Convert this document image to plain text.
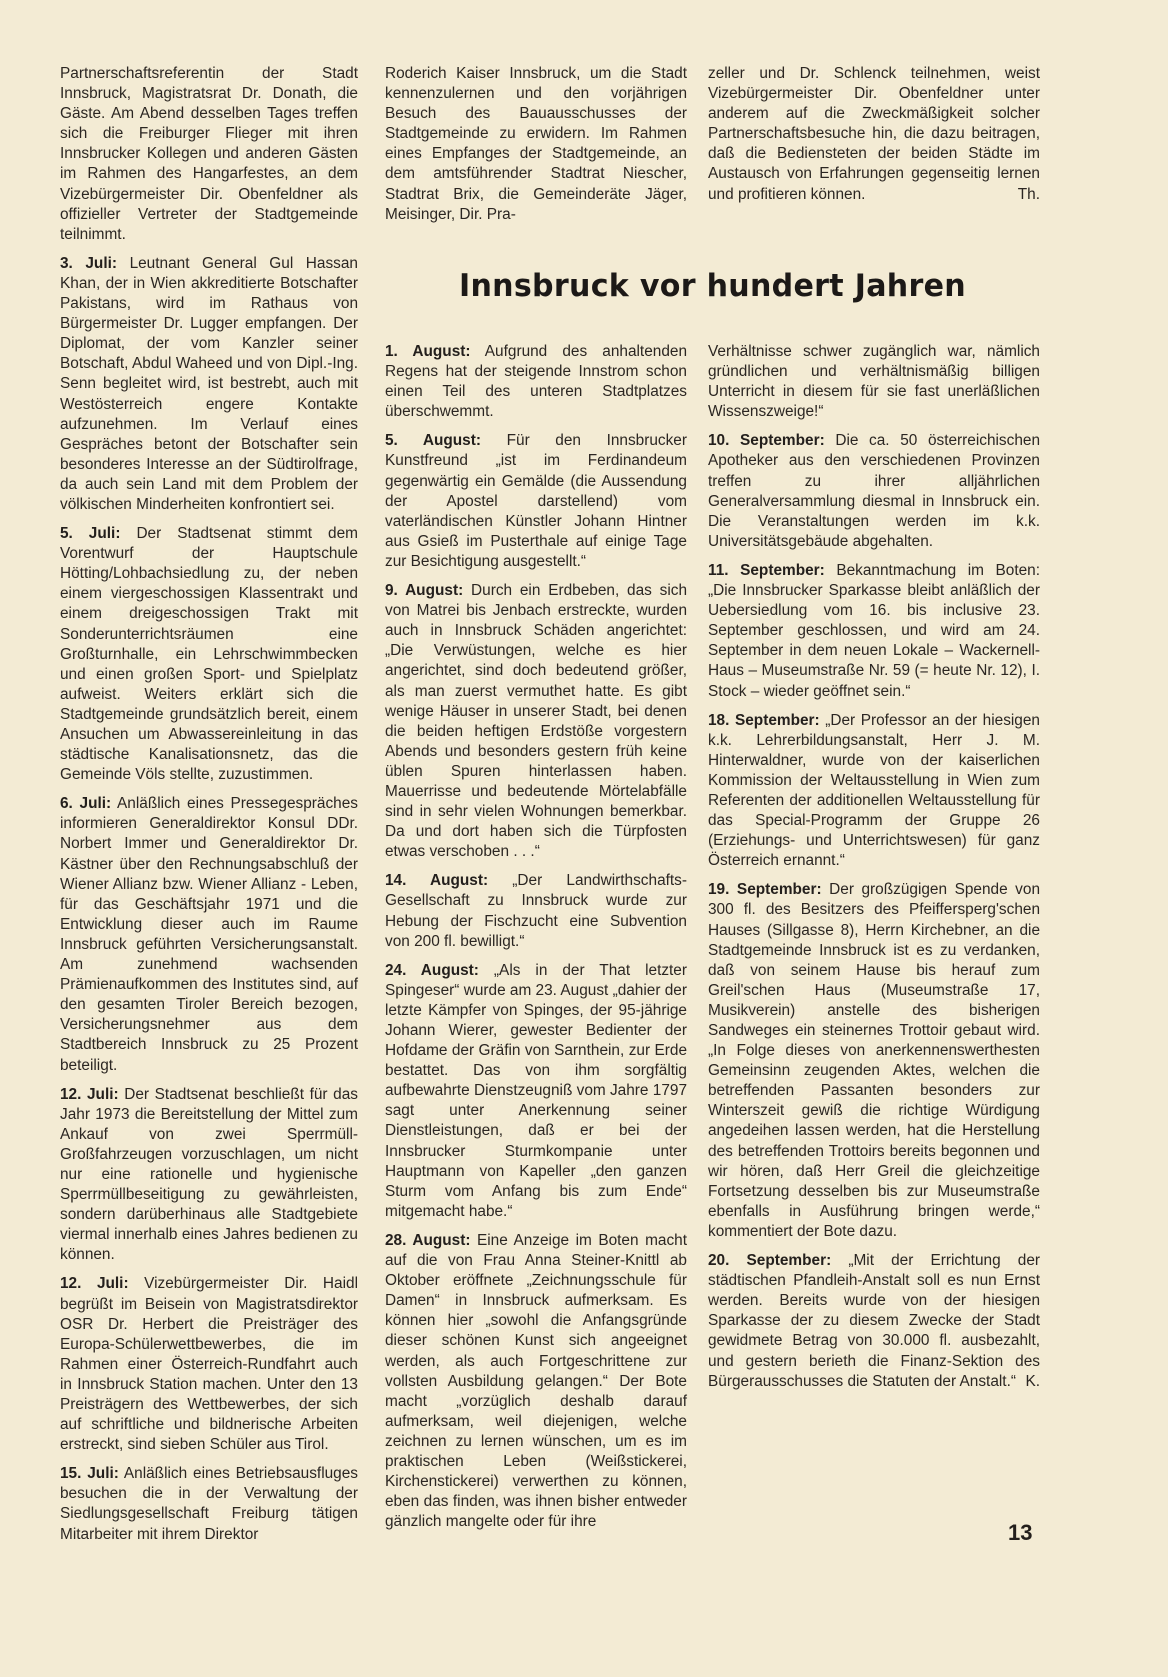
Partnerschaftsreferentin der Stadt Innsbruck, Magistratsrat Dr. Donath, die Gäste. Am Abend desselben Tages treffen sich die Freiburger Flieger mit ihren Innsbrucker Kollegen und anderen Gästen im Rahmen des Hangarfestes, an dem Vizebürgermeister Dir. Obenfeldner als offizieller Vertreter der Stadtgemeinde teilnimmt.

3. Juli: Leutnant General Gul Hassan Khan, der in Wien akkreditierte Botschafter Pakistans, wird im Rathaus von Bürgermeister Dr. Lugger empfangen. Der Diplomat, der vom Kanzler seiner Botschaft, Abdul Waheed und von Dipl.-Ing. Senn begleitet wird, ist bestrebt, auch mit Westösterreich engere Kontakte aufzunehmen. Im Verlauf eines Gespräches betont der Botschafter sein besonderes Interesse an der Südtirolfrage, da auch sein Land mit dem Problem der völkischen Minderheiten konfrontiert sei.

5. Juli: Der Stadtsenat stimmt dem Vorentwurf der Hauptschule Hötting/Lohbachsiedlung zu, der neben einem viergeschossigen Klassentrakt und einem dreigeschossigen Trakt mit Sonderunterrichtsräumen eine Großturnhalle, ein Lehrschwimmbecken und einen großen Sport- und Spielplatz aufweist. Weiters erklärt sich die Stadtgemeinde grundsätzlich bereit, einem Ansuchen um Abwassereinleitung in das städtische Kanalisationsnetz, das die Gemeinde Völs stellte, zuzustimmen.

6. Juli: Anläßlich eines Pressegespräches informieren Generaldirektor Konsul DDr. Norbert Immer und Generaldirektor Dr. Kästner über den Rechnungsabschluß der Wiener Allianz bzw. Wiener Allianz - Leben, für das Geschäftsjahr 1971 und die Entwicklung dieser auch im Raume Innsbruck geführten Versicherungsanstalt. Am zunehmend wachsenden Prämienaufkommen des Institutes sind, auf den gesamten Tiroler Bereich bezogen, Versicherungsnehmer aus dem Stadtbereich Innsbruck zu 25 Prozent beteiligt.

12. Juli: Der Stadtsenat beschließt für das Jahr 1973 die Bereitstellung der Mittel zum Ankauf von zwei Sperrmüll-Großfahrzeugen vorzuschlagen, um nicht nur eine rationelle und hygienische Sperrmüllbeseitigung zu gewährleisten, sondern darüberhinaus alle Stadtgebiete viermal innerhalb eines Jahres bedienen zu können.

12. Juli: Vizebürgermeister Dir. Haidl begrüßt im Beisein von Magistratsdirektor OSR Dr. Herbert die Preisträger des Europa-Schülerwettbewerbes, die im Rahmen einer Österreich-Rundfahrt auch in Innsbruck Station machen. Unter den 13 Preisträgern des Wettbewerbes, der sich auf schriftliche und bildnerische Arbeiten erstreckt, sind sieben Schüler aus Tirol.

15. Juli: Anläßlich eines Betriebsausfluges besuchen die in der Verwaltung der Siedlungsgesellschaft Freiburg tätigen Mitarbeiter mit ihrem Direktor

Roderich Kaiser Innsbruck, um die Stadt kennenzulernen und den vorjährigen Besuch des Bauausschusses der Stadtgemeinde zu erwidern. Im Rahmen eines Empfanges der Stadtgemeinde, an dem amtsführender Stadtrat Niescher, Stadtrat Brix, die Gemeinderäte Jäger, Meisinger, Dir. Pra-

zeller und Dr. Schlenck teilnehmen, weist Vizebürgermeister Dir. Obenfeldner unter anderem auf die Zweckmäßigkeit solcher Partnerschaftsbesuche hin, die dazu beitragen, daß die Bediensteten der beiden Städte im Austausch von Erfahrungen gegenseitig lernen und profitieren können.	Th.

Innsbruck vor hundert Jahren

1. August: Aufgrund des anhaltenden Regens hat der steigende Innstrom schon einen Teil des unteren Stadtplatzes überschwemmt.

5. August: Für den Innsbrucker Kunstfreund „ist im Ferdinandeum gegenwärtig ein Gemälde (die Aussendung der Apostel darstellend) vom vaterländischen Künstler Johann Hintner aus Gsieß im Pusterthale auf einige Tage zur Besichtigung ausgestellt.“

9. August: Durch ein Erdbeben, das sich von Matrei bis Jenbach erstreckte, wurden auch in Innsbruck Schäden angerichtet: „Die Verwüstungen, welche es hier angerichtet, sind doch bedeutend größer, als man zuerst vermuthet hatte. Es gibt wenige Häuser in unserer Stadt, bei denen die beiden heftigen Erdstöße vorgestern Abends und besonders gestern früh keine üblen Spuren hinterlassen haben. Mauerrisse und bedeutende Mörtelabfälle sind in sehr vielen Wohnungen bemerkbar. Da und dort haben sich die Türpfosten etwas verschoben . . .“

14. August: „Der Landwirthschafts-Gesellschaft zu Innsbruck wurde zur Hebung der Fischzucht eine Subvention von 200 fl. bewilligt.“

24. August: „Als in der That letzter Spingeser“ wurde am 23. August „dahier der letzte Kämpfer von Spinges, der 95-jährige Johann Wierer, gewester Bedienter der Hofdame der Gräfin von Sarnthein, zur Erde bestattet. Das von ihm sorgfältig aufbewahrte Dienstzeugniß vom Jahre 1797 sagt unter Anerkennung seiner Dienstleistungen, daß er bei der Innsbrucker Sturmkompanie unter Hauptmann von Kapeller „den ganzen Sturm vom Anfang bis zum Ende“ mitgemacht habe.“

28. August: Eine Anzeige im Boten macht auf die von Frau Anna Steiner-Knittl ab Oktober eröffnete „Zeichnungsschule für Damen“ in Innsbruck aufmerksam. Es können hier „sowohl die Anfangsgründe dieser schönen Kunst sich angeeignet werden, als auch Fortgeschrittene zur vollsten Ausbildung gelangen.“ Der Bote macht „vorzüglich deshalb darauf aufmerksam, weil diejenigen, welche zeichnen zu lernen wünschen, um es im praktischen Leben (Weißstickerei, Kirchenstickerei) verwerthen zu können, eben das finden, was ihnen bisher entweder gänzlich mangelte oder für ihre

Verhältnisse schwer zugänglich war, nämlich gründlichen und verhältnismäßig billigen Unterricht in diesem für sie fast unerläßlichen Wissenszweige!“

10. September: Die ca. 50 österreichischen Apotheker aus den verschiedenen Provinzen treffen zu ihrer alljährlichen Generalversammlung diesmal in Innsbruck ein. Die Veranstaltungen werden im k.k. Universitätsgebäude abgehalten.

11. September: Bekanntmachung im Boten: „Die Innsbrucker Sparkasse bleibt anläßlich der Uebersiedlung vom 16. bis inclusive 23. September geschlossen, und wird am 24. September in dem neuen Lokale – Wackernell-Haus – Museumstraße Nr. 59 (= heute Nr. 12), I. Stock – wieder geöffnet sein.“

18. September: „Der Professor an der hiesigen k.k. Lehrerbildungsanstalt, Herr J. M. Hinterwaldner, wurde von der kaiserlichen Kommission der Weltausstellung in Wien zum Referenten der additionellen Weltausstellung für das Special-Programm der Gruppe 26 (Erziehungs- und Unterrichtswesen) für ganz Österreich ernannt.“

19. September: Der großzügigen Spende von 300 fl. des Besitzers des Pfeiffersperg'schen Hauses (Sillgasse 8), Herrn Kirchebner, an die Stadtgemeinde Innsbruck ist es zu verdanken, daß von seinem Hause bis herauf zum Greil'schen Haus (Museumstraße 17, Musikverein) anstelle des bisherigen Sandweges ein steinernes Trottoir gebaut wird. „In Folge dieses von anerkennenswerthesten Gemeinsinn zeugenden Aktes, welchen die betreffenden Passanten besonders zur Winterszeit gewiß die richtige Würdigung angedeihen lassen werden, hat die Herstellung des betreffenden Trottoirs bereits begonnen und wir hören, daß Herr Greil die gleichzeitige Fortsetzung desselben bis zur Museumstraße ebenfalls in Ausführung bringen werde,“ kommentiert der Bote dazu.

20. September: „Mit der Errichtung der städtischen Pfandleih-Anstalt soll es nun Ernst werden. Bereits wurde von der hiesigen Sparkasse der zu diesem Zwecke der Stadt gewidmete Betrag von 30.000 fl. ausbezahlt, und gestern berieth die Finanz-Sektion des Bürgerausschusses die Statuten der Anstalt.“ K.

13
